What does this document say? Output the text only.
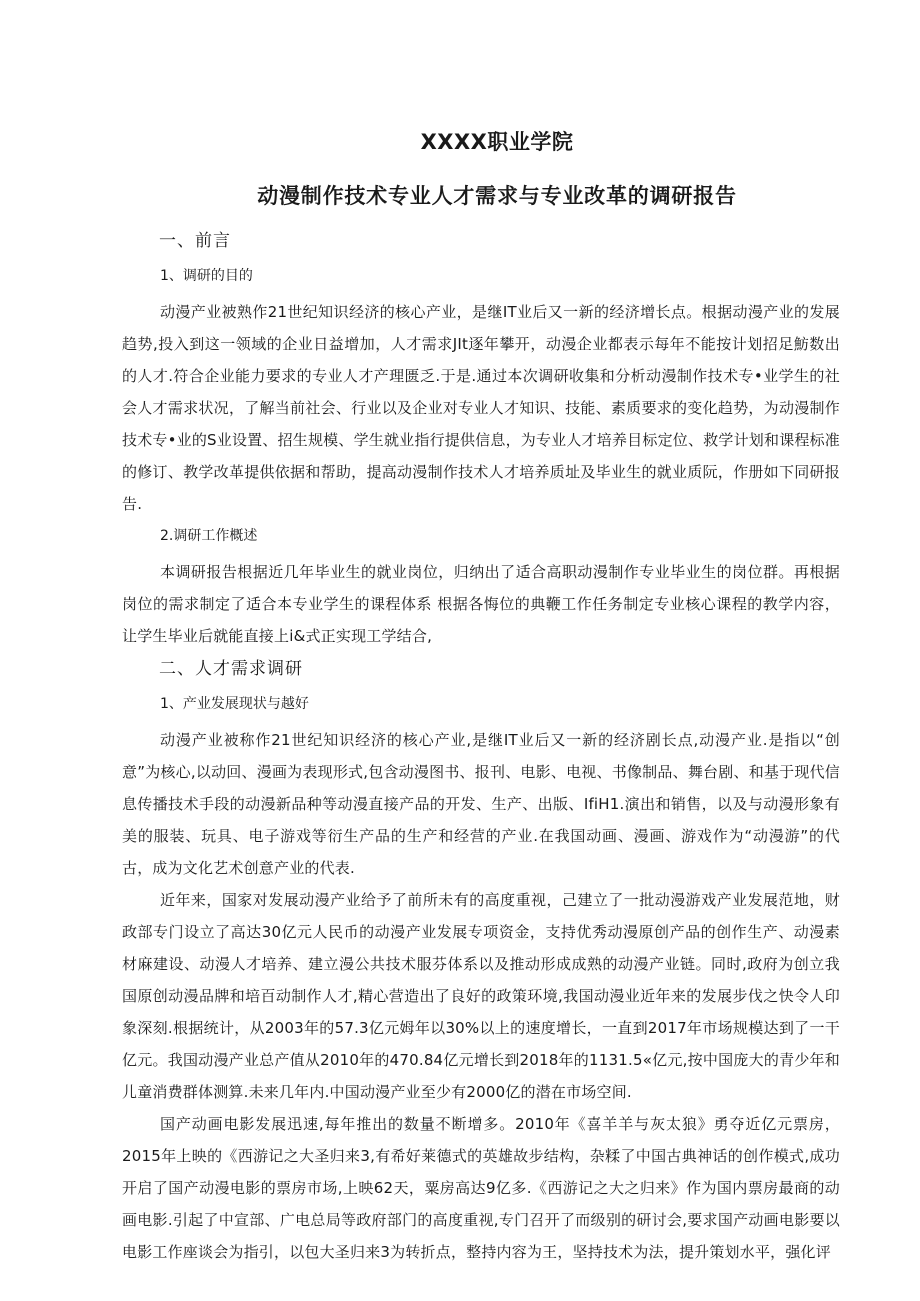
XXXX职业学院
动漫制作技术专业人才需求与专业改革的调研报告
一、前言
1、调研的目的

动漫产业被熟作21世纪知识经济的核心产业，是继IT业后又一新的经济增长点。根据动漫产业的发展趋势,投入到这一领域的企业日益增加，人才需求JIt逐年攀开，动漫企业都表示每年不能按计划招足魴数出的人才.符合企业能力要求的专业人才产理匮乏.于是.通过本次调研收集和分析动漫制作技术专•业学生的社会人才需求状况，了解当前社会、行业以及企业对专业人才知识、技能、素质要求的变化趋势，为动漫制作技术专•业的S业设置、招生规模、学生就业指行提供信息，为专业人才培养目标定位、救学计划和课程标准的修订、教学改革提供依据和帮助，提高动漫制作技术人才培养质址及毕业生的就业质阮，作册如下同研报告.

2.调研工作概述

本调研报告根据近几年毕业生的就业岗位，归纳出了适合高职动漫制作专业毕业生的岗位群。再根据岗位的需求制定了适合本专业学生的课程体系 根据各悔位的典鞭工作任务制定专业核心课程的教学内容，让学生毕业后就能直接上i&式正实现工学结合,

二、人才需求调研
1、产业发展现状与越好

动漫产业被称作21世纪知识经济的核心产业,是继IT业后又一新的经济剧长点,动漫产业.是指以“创意”为核心,以动回、漫画为表现形式,包含动漫图书、报刊、电影、电视、书像制品、舞台剧、和基于现代信息传播技术手段的动漫新品种等动漫直接产品的开发、生产、出版、IfiH1.演出和销售，以及与动漫形象有美的服装、玩具、电子游戏等衍生产品的生产和经营的产业.在我国动画、漫画、游戏作为“动漫游”的代古，成为文化艺术创意产业的代表.

近年来，国家对发展动漫产业给予了前所未有的高度重视，己建立了一批动漫游戏产业发展范地，财政部专门设立了高达30亿元人民币的动漫产业发展专项资金，支持优秀动漫原创产品的创作生产、动漫素材麻建设、动漫人才培养、建立漫公共技术服芬体系以及推动形成成熟的动漫产业链。同时,政府为创立我国原创动漫品牌和培百动制作人才,精心营造出了良好的政策环境,我国动漫业近年来的发展步伐之快令人印象深刻.根据统计，从2003年的57.3亿元姆年以30%以上的速度增长，一直到2017年市场规模达到了一干亿元。我国动漫产业总产值从2010年的470.84亿元增长到2018年的1131.5«亿元,按中国庞大的青少年和儿童消费群体测算.未来几年内.中国动漫产业至少有2000亿的潜在市场空间.

国产动画电影发展迅速,每年推出的数量不断增多。2010年《喜羊羊与灰太狼》勇夺近亿元票房，2015年上映的《西游记之大圣归来3,有希好莱德式的英雄故步结构，杂糅了中国古典神话的创作模式,成功开启了国产动漫电影的票房市场,上映62天，粟房高达9亿多.《西游记之大之归来》作为国内票房最商的动画电影.引起了中宣部、广电总局等政府部门的高度重视,专门召开了而级别的研讨会,要求国产动画电影要以电影工作座谈会为指引，以包大圣归来3为转折点，整持内容为王，坚持技术为法，提升策划水平，强化评
